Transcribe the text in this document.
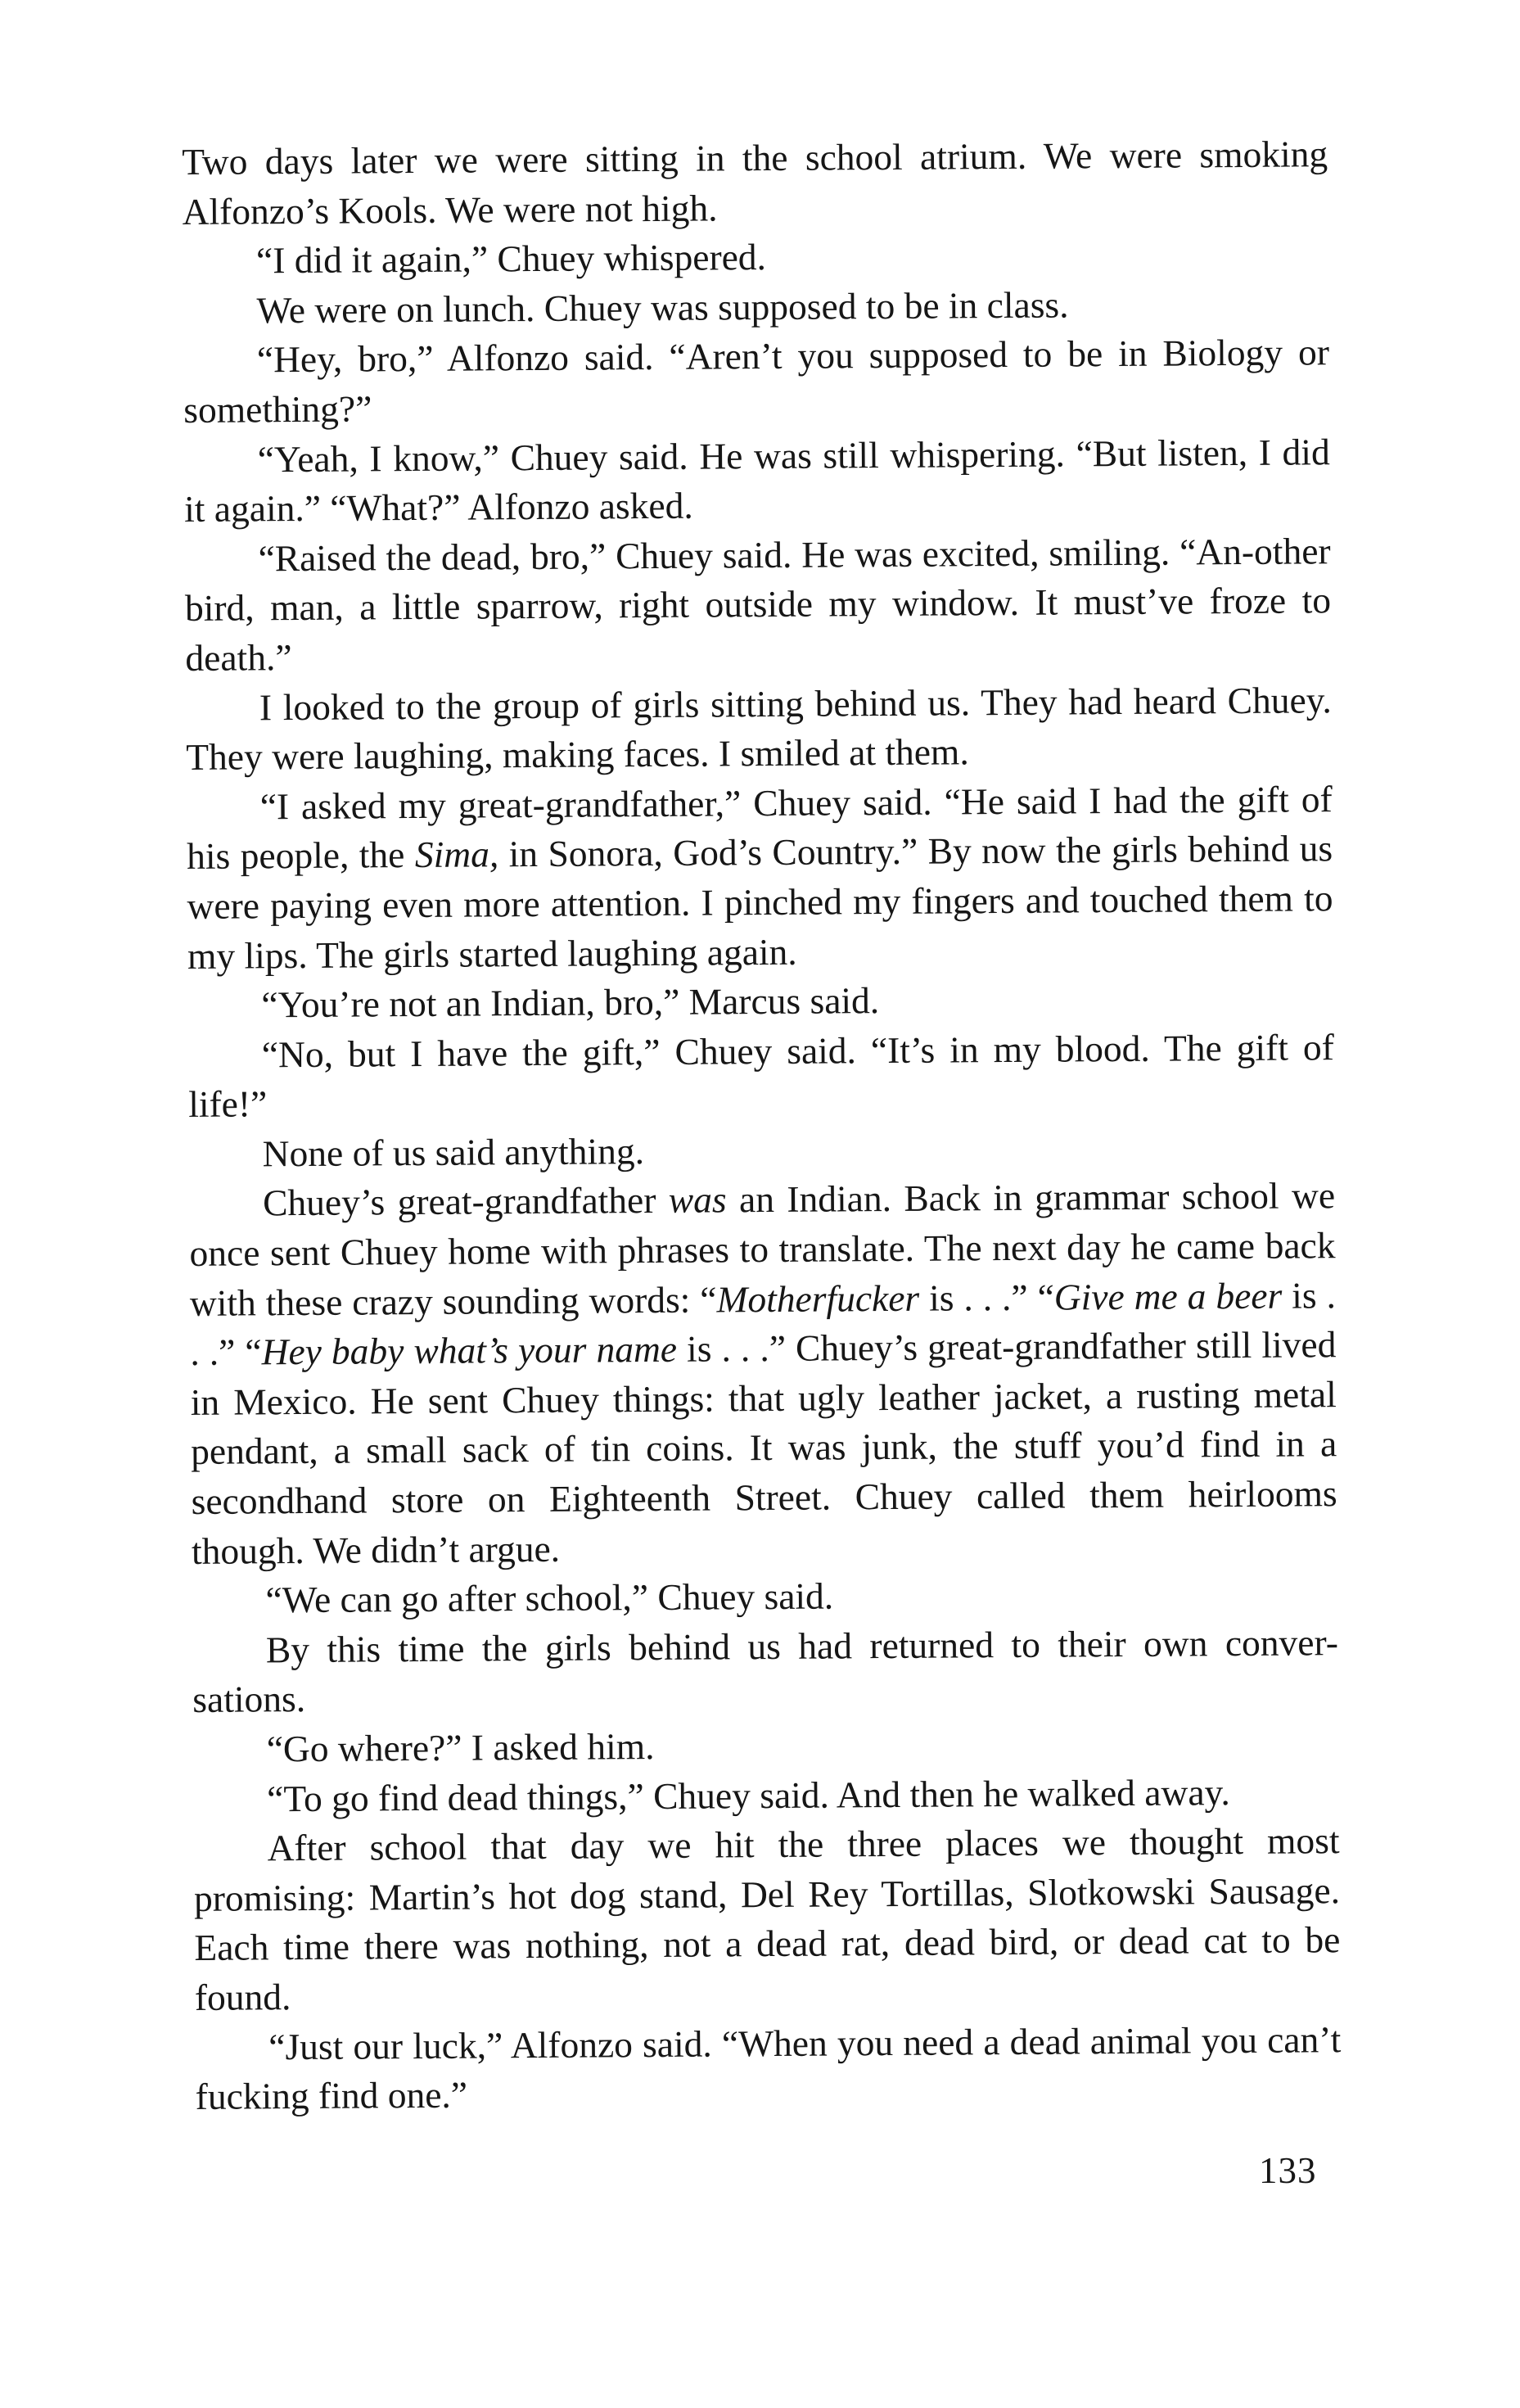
Two days later we were sitting in the school atrium. We were smoking Alfonzo’s Kools. We were not high.

“I did it again,” Chuey whispered.

We were on lunch. Chuey was supposed to be in class.

“Hey, bro,” Alfonzo said. “Aren’t you supposed to be in Biology or something?”

“Yeah, I know,” Chuey said. He was still whispering. “But listen, I did it again.” “What?” Alfonzo asked.

“Raised the dead, bro,” Chuey said. He was excited, smiling. “An-other bird, man, a little sparrow, right outside my window. It must’ve froze to death.”

I looked to the group of girls sitting behind us. They had heard Chuey. They were laughing, making faces. I smiled at them.

“I asked my great-grandfather,” Chuey said. “He said I had the gift of his people, the Sima, in Sonora, God’s Country.” By now the girls behind us were paying even more attention. I pinched my fingers and touched them to my lips. The girls started laughing again.

“You’re not an Indian, bro,” Marcus said.

“No, but I have the gift,” Chuey said. “It’s in my blood. The gift of life!”

None of us said anything.

Chuey’s great-grandfather was an Indian. Back in grammar school we once sent Chuey home with phrases to translate. The next day he came back with these crazy sounding words: “Motherfucker is . . .” “Give me a beer is . . .” “Hey baby what’s your name is . . .” Chuey’s great-grandfather still lived in Mexico. He sent Chuey things: that ugly leather jacket, a rusting metal pendant, a small sack of tin coins. It was junk, the stuff you’d find in a secondhand store on Eighteenth Street. Chuey called them heirlooms though. We didn’t argue.

“We can go after school,” Chuey said.

By this time the girls behind us had returned to their own conver-sations.

“Go where?” I asked him.

“To go find dead things,” Chuey said. And then he walked away.

After school that day we hit the three places we thought most promising: Martin’s hot dog stand, Del Rey Tortillas, Slotkowski Sausage. Each time there was nothing, not a dead rat, dead bird, or dead cat to be found.

“Just our luck,” Alfonzo said. “When you need a dead animal you can’t fucking find one.”

133
